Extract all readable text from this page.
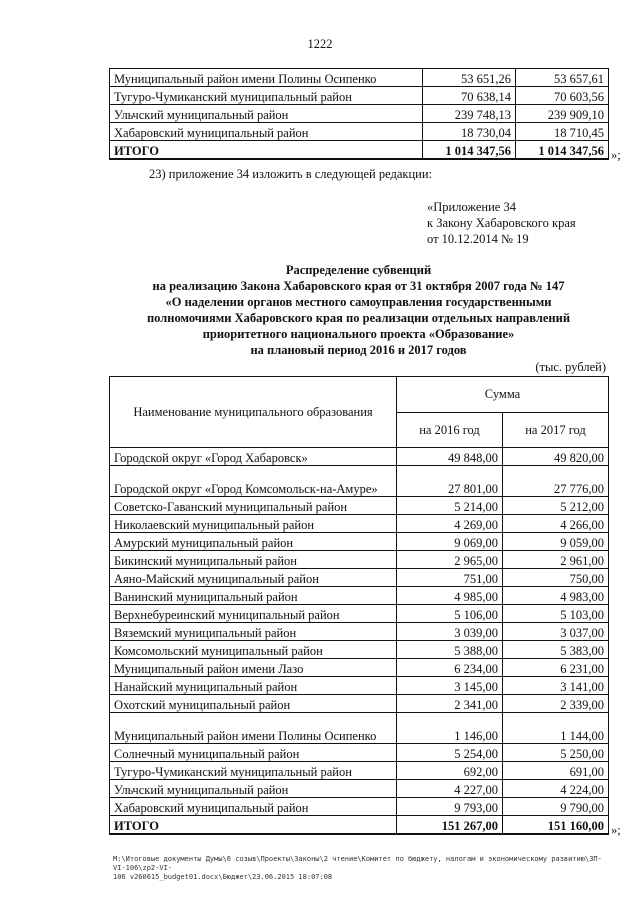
1222
Муниципальный район имени Полины Осипенко	53 651,26	53 657,61
Тугуро-Чумиканский муниципальный район	70 638,14	70 603,56
Ульчский муниципальный район	239 748,13	239 909,10
Хабаровский муниципальный район	18 730,04	18 710,45
ИТОГО	1 014 347,56	1 014 347,56 »;
23) приложение 34 изложить в следующей редакции:
«Приложение 34
к Закону Хабаровского края
от 10.12.2014 № 19
Распределение субвенций
на реализацию Закона Хабаровского края от 31 октября 2007 года № 147
«О наделении органов местного самоуправления государственными
полномочиями Хабаровского края по реализации отдельных направлений
приоритетного национального проекта «Образование»
на плановый период 2016 и 2017 годов
(тыс. рублей)
Наименование муниципального образования	Сумма	
	на 2016 год	на 2017 год
Городской округ «Город Хабаровск»	49 848,00	49 820,00
Городской округ «Город Комсомольск-на-Амуре»	27 801,00	27 776,00
Советско-Гаванский муниципальный район	5 214,00	5 212,00
Николаевский муниципальный район	4 269,00	4 266,00
Амурский муниципальный район	9 069,00	9 059,00
Бикинский муниципальный район	2 965,00	2 961,00
Аяно-Майский муниципальный район	751,00	750,00
Ванинский муниципальный район	4 985,00	4 983,00
Верхнебуреинский муниципальный район	5 106,00	5 103,00
Вяземский муниципальный район	3 039,00	3 037,00
Комсомольский муниципальный район	5 388,00	5 383,00
Муниципальный район имени Лазо	6 234,00	6 231,00
Нанайский муниципальный район	3 145,00	3 141,00
Охотский муниципальный район	2 341,00	2 339,00
Муниципальный район имени Полины Осипенко	1 146,00	1 144,00
Солнечный муниципальный район	5 254,00	5 250,00
Тугуро-Чумиканский муниципальный район	692,00	691,00
Ульчский муниципальный район	4 227,00	4 224,00
Хабаровский муниципальный район	9 793,00	9 790,00
ИТОГО	151 267,00	151 160,00 »;
M:\Итоговые документы Думы\6 созыв\Проекты\Законы\2 чтение\Комитет по бюджету, налогам и экономическому развитию\ЗП-VI-106\zp2-VI-
106 v260615_budget01.docx\Бюджет\23.06.2015 18:07:08
